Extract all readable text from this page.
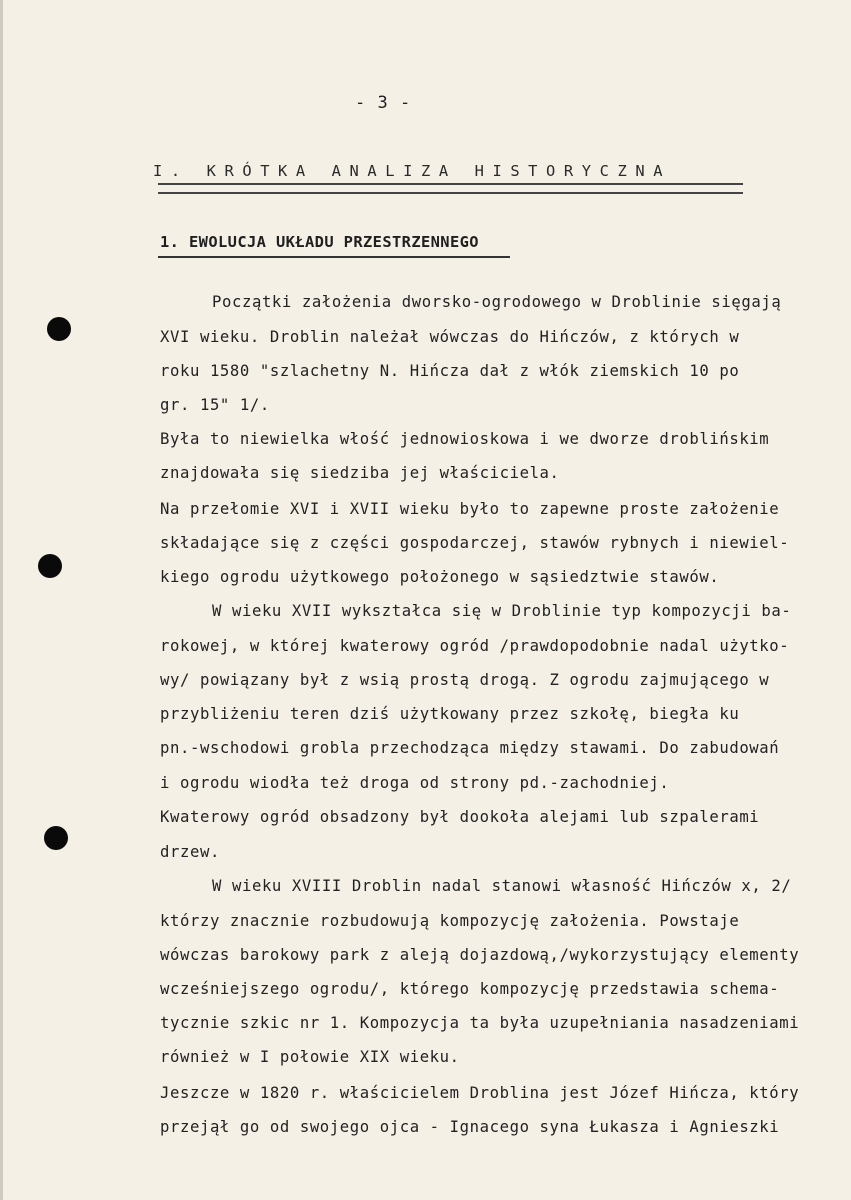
- 3 -
I. KRÓTKA ANALIZA HISTORYCZNA
1. EWOLUCJA UKŁADU PRZESTRZENNEGO
Początki założenia dworsko-ogrodowego w Droblinie sięgają
XVI wieku. Droblin należał wówczas do Hińczów, z których w
roku 1580 "szlachetny N. Hińcza dał z włók ziemskich 10 po
gr. 15" 1/.
Była to niewielka włość jednowioskowa i we dworze droblińskim
znajdowała się siedziba jej właściciela.
Na przełomie XVI i XVII wieku było to zapewne proste założenie
składające się z części gospodarczej, stawów rybnych i niewiel-
kiego ogrodu użytkowego położonego w sąsiedztwie stawów.
W wieku XVII wykształca się w Droblinie typ kompozycji ba-
rokowej, w której kwaterowy ogród /prawdopodobnie nadal użytko-
wy/ powiązany był z wsią prostą drogą. Z ogrodu zajmującego w
przybliżeniu teren dziś użytkowany przez szkołę, biegła ku
pn.-wschodowi grobla przechodząca między stawami. Do zabudowań
i ogrodu wiodła też droga od strony pd.-zachodniej.
Kwaterowy ogród obsadzony był dookoła alejami lub szpalerami
drzew.
W wieku XVIII Droblin nadal stanowi własność Hińczów x, 2/
którzy znacznie rozbudowują kompozycję założenia. Powstaje
wówczas barokowy park z aleją dojazdową,/wykorzystujący elementy
wcześniejszego ogrodu/, którego kompozycję przedstawia schema-
tycznie szkic nr 1. Kompozycja ta była uzupełniania nasadzeniami
również w I połowie XIX wieku.
Jeszcze w 1820 r. właścicielem Droblina jest Józef Hińcza, który
przejął go od swojego ojca - Ignacego syna Łukasza i Agnieszki
